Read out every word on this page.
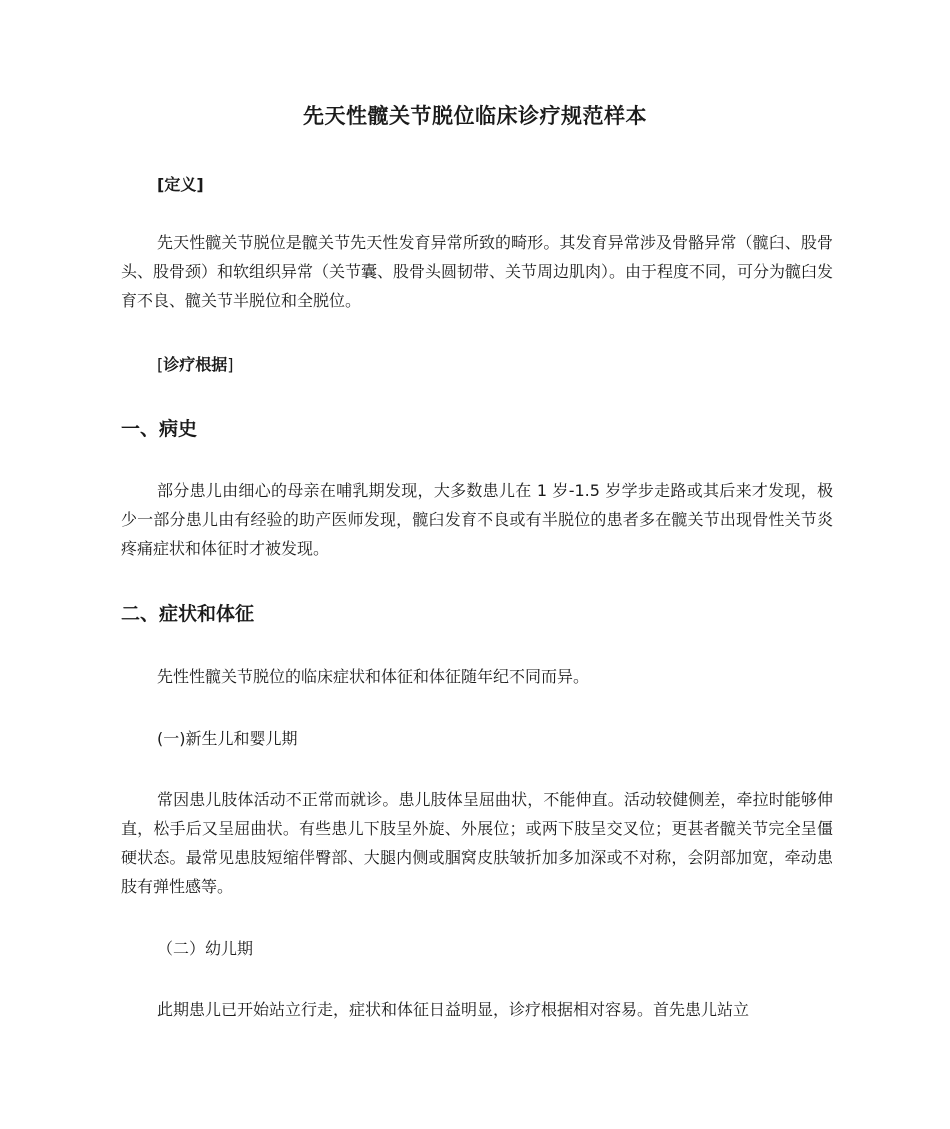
先天性髋关节脱位临床诊疗规范样本

[定义]

先天性髋关节脱位是髋关节先天性发育异常所致的畸形。其发育异常涉及骨骼异常（髋臼、股骨头、股骨颈）和软组织异常（关节囊、股骨头圆韧带、关节周边肌肉）。由于程度不同，可分为髋臼发育不良、髋关节半脱位和全脱位。

[诊疗根据]

一、病史

部分患儿由细心的母亲在哺乳期发现，大多数患儿在 1 岁-1.5 岁学步走路或其后来才发现，极少一部分患儿由有经验的助产医师发现，髋臼发育不良或有半脱位的患者多在髋关节出现骨性关节炎疼痛症状和体征时才被发现。

二、症状和体征

先性性髋关节脱位的临床症状和体征和体征随年纪不同而异。

(一)新生儿和婴儿期

常因患儿肢体活动不正常而就诊。患儿肢体呈屈曲状，不能伸直。活动较健侧差，牵拉时能够伸直，松手后又呈屈曲状。有些患儿下肢呈外旋、外展位；或两下肢呈交叉位；更甚者髋关节完全呈僵硬状态。最常见患肢短缩伴臀部、大腿内侧或腘窝皮肤皱折加多加深或不对称，会阴部加宽，牵动患肢有弹性感等。

（二）幼儿期

此期患儿已开始站立行走，症状和体征日益明显，诊疗根据相对容易。首先患儿站立
